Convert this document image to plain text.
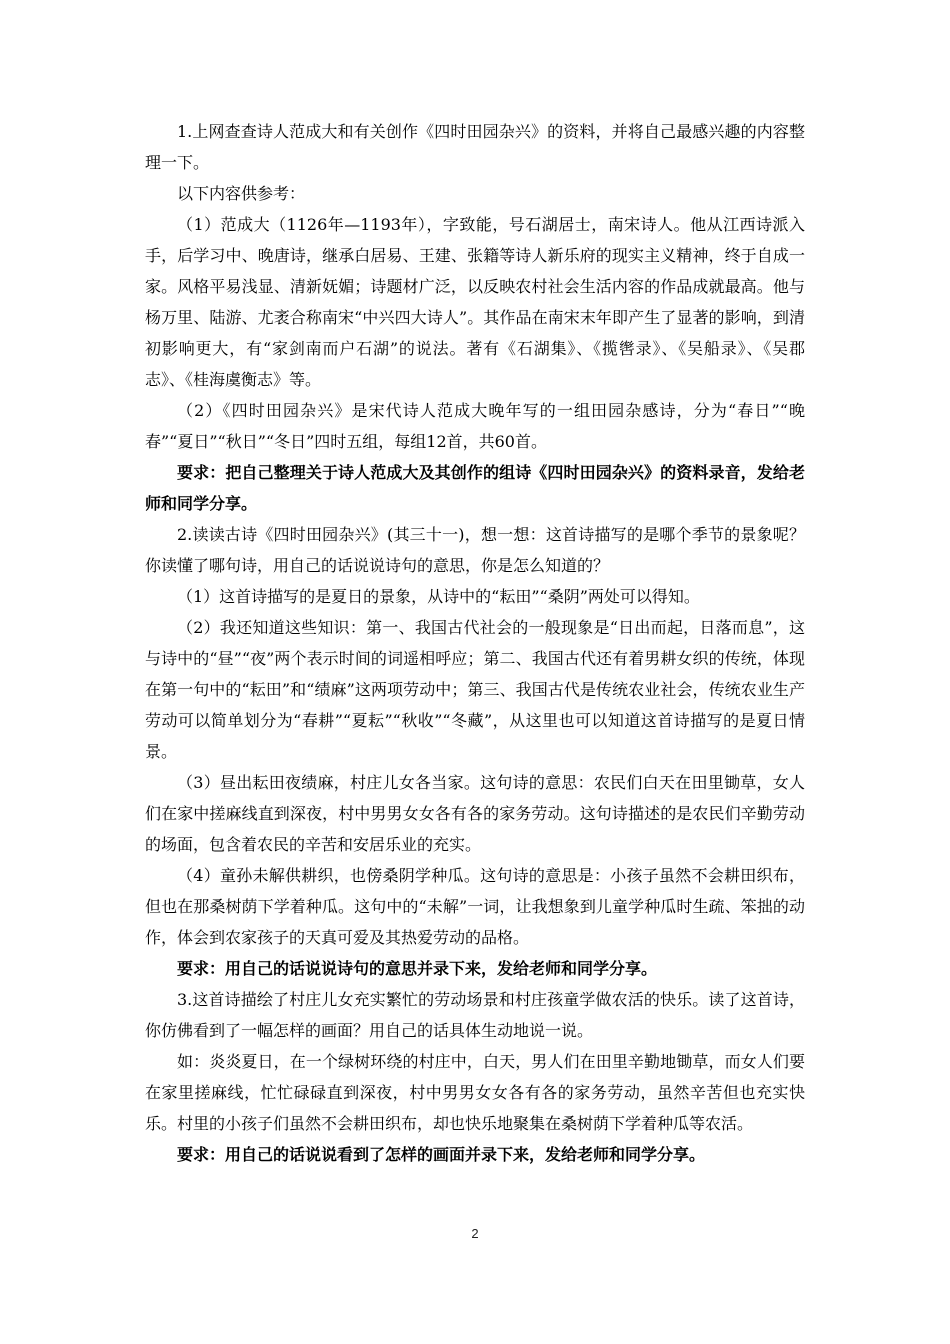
1.上网查查诗人范成大和有关创作《四时田园杂兴》的资料，并将自己最感兴趣的内容整理一下。

以下内容供参考：

（1）范成大（1126年—1193年），字致能，号石湖居士，南宋诗人。他从江西诗派入手，后学习中、晚唐诗，继承白居易、王建、张籍等诗人新乐府的现实主义精神，终于自成一家。风格平易浅显、清新妩媚；诗题材广泛，以反映农村社会生活内容的作品成就最高。他与杨万里、陆游、尤袤合称南宋“中兴四大诗人”。其作品在南宋末年即产生了显著的影响，到清初影响更大，有“家剑南而户石湖”的说法。著有《石湖集》、《揽辔录》、《吴船录》、《吴郡志》、《桂海虞衡志》等。

（2）《四时田园杂兴》是宋代诗人范成大晚年写的一组田园杂感诗，分为“春日”“晚春”“夏日”“秋日”“冬日”四时五组，每组12首，共60首。

要求：把自己整理关于诗人范成大及其创作的组诗《四时田园杂兴》的资料录音，发给老师和同学分享。

2.读读古诗《四时田园杂兴》(其三十一)，想一想：这首诗描写的是哪个季节的景象呢？你读懂了哪句诗，用自己的话说说诗句的意思，你是怎么知道的？

（1）这首诗描写的是夏日的景象，从诗中的“耘田”“桑阴”两处可以得知。

（2）我还知道这些知识：第一、我国古代社会的一般现象是“日出而起，日落而息”，这与诗中的“昼”“夜”两个表示时间的词遥相呼应；第二、我国古代还有着男耕女织的传统，体现在第一句中的“耘田”和“绩麻”这两项劳动中；第三、我国古代是传统农业社会，传统农业生产劳动可以简单划分为“春耕”“夏耘”“秋收”“冬藏”，从这里也可以知道这首诗描写的是夏日情景。

（3）昼出耘田夜绩麻，村庄儿女各当家。这句诗的意思：农民们白天在田里锄草，女人们在家中搓麻线直到深夜，村中男男女女各有各的家务劳动。这句诗描述的是农民们辛勤劳动的场面，包含着农民的辛苦和安居乐业的充实。

（4）童孙未解供耕织，也傍桑阴学种瓜。这句诗的意思是：小孩子虽然不会耕田织布，但也在那桑树荫下学着种瓜。这句中的“未解”一词，让我想象到儿童学种瓜时生疏、笨拙的动作，体会到农家孩子的天真可爱及其热爱劳动的品格。

要求：用自己的话说说诗句的意思并录下来，发给老师和同学分享。

3.这首诗描绘了村庄儿女充实繁忙的劳动场景和村庄孩童学做农活的快乐。读了这首诗，你仿佛看到了一幅怎样的画面？用自己的话具体生动地说一说。

如：炎炎夏日，在一个绿树环绕的村庄中，白天，男人们在田里辛勤地锄草，而女人们要在家里搓麻线，忙忙碌碌直到深夜，村中男男女女各有各的家务劳动，虽然辛苦但也充实快乐。村里的小孩子们虽然不会耕田织布，却也快乐地聚集在桑树荫下学着种瓜等农活。

要求：用自己的话说说看到了怎样的画面并录下来，发给老师和同学分享。

2
